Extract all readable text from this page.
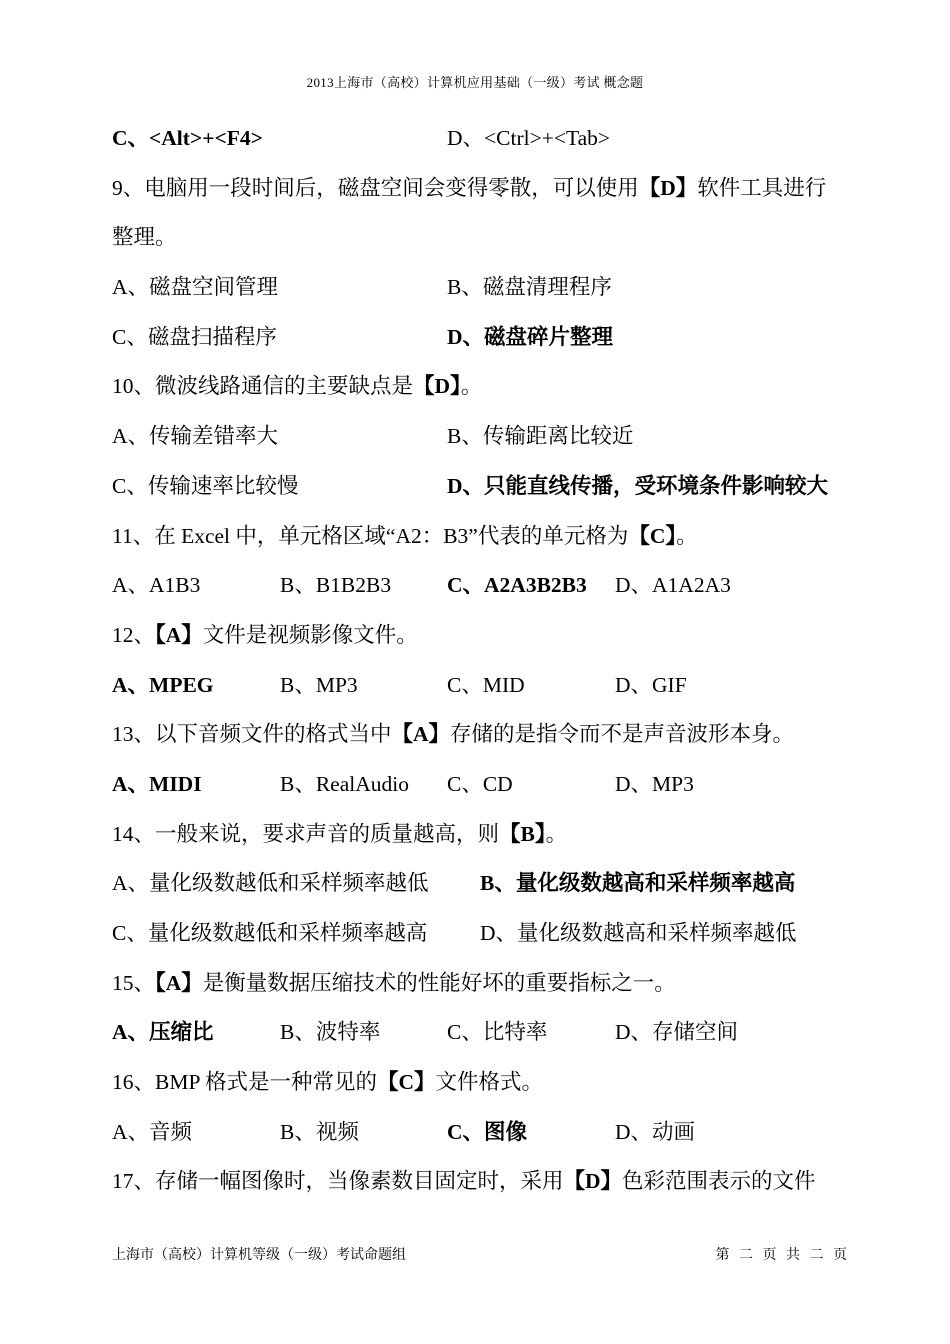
2013上海市（高校）计算机应用基础（一级）考试 概念题
C、<Alt>+<F4>	D、<Ctrl>+<Tab>
9、电脑用一段时间后，磁盘空间会变得零散，可以使用【D】软件工具进行
整理。
A、磁盘空间管理	B、磁盘清理程序
C、磁盘扫描程序	D、磁盘碎片整理
10、微波线路通信的主要缺点是【D】。
A、传输差错率大	B、传输距离比较近
C、传输速率比较慢	D、只能直线传播，受环境条件影响较大
11、在 Excel 中，单元格区域“A2：B3”代表的单元格为【C】。
A、A1B3	B、B1B2B3	C、A2A3B2B3 D、A1A2A3
12、【A】文件是视频影像文件。
A、MPEG	B、MP3	C、MID	D、GIF
13、以下音频文件的格式当中【A】存储的是指令而不是声音波形本身。
A、MIDI	B、RealAudio C、CD	D、MP3
14、一般来说，要求声音的质量越高，则【B】。
A、量化级数越低和采样频率越低 B、量化级数越高和采样频率越高
C、量化级数越低和采样频率越高 D、量化级数越高和采样频率越低
15、【A】是衡量数据压缩技术的性能好坏的重要指标之一。
A、压缩比	B、波特率	C、比特率	D、存储空间
16、BMP 格式是一种常见的【C】文件格式。
A、音频	B、视频	C、图像	D、动画
17、存储一幅图像时，当像素数目固定时，采用【D】色彩范围表示的文件
上海市（高校）计算机等级（一级）考试命题组	第 二 页 共 二 页
